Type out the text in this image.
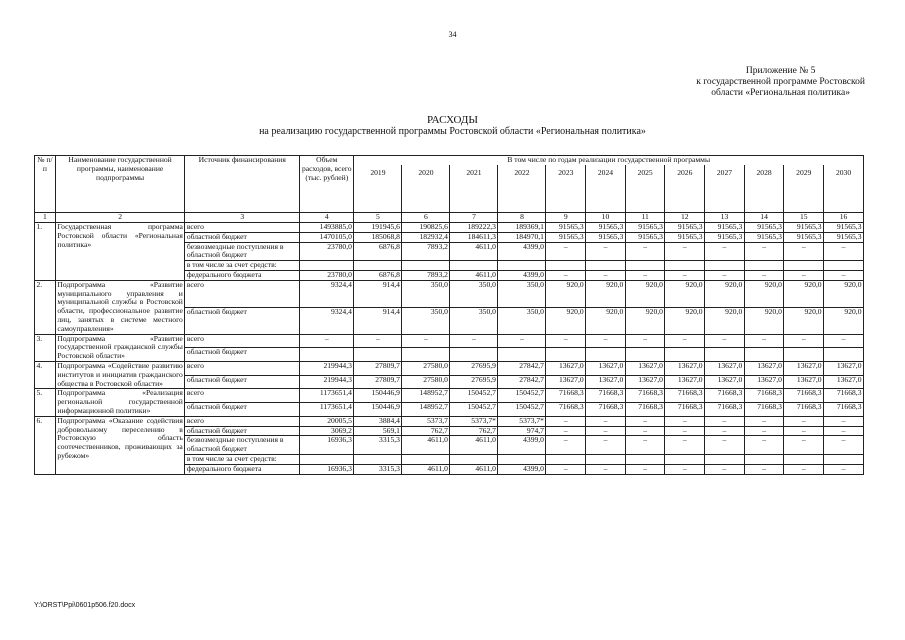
34
Приложение № 5
к государственной программе Ростовской
области «Региональная политика»
РАСХОДЫ
на реализацию государственной программы Ростовской области «Региональная политика»
№ п/п	Наименование государственной программы, наименование подпрограммы	Источник финансирования	Объем расходов, всего (тыс. рублей)	В том числе по годам реализации государственной программы											
				2019	2020	2021	2022	2023	2024	2025	2026	2027	2028	2029	2030
1	2	3	4	5	6	7	8	9	10	11	12	13	14	15	16
1.	Государственная программа Ростовской области «Региональная политика»	всего	1493885,0	191945,6	190825,6	189222,3	189369,1	91565,3	91565,3	91565,3	91565,3	91565,3	91565,3	91565,3	91565,3
		областной бюджет	1470105,0	185068,8	182932,4	184611,3	184970,1	91565,3	91565,3	91565,3	91565,3	91565,3	91565,3	91565,3	91565,3
		безвозмездные поступления в областной бюджет	23780,0	6876,8	7893,2	4611,0	4399,0	–	–	–	–	–	–	–	–
		в том числе за счет средств:													
		федерального бюджета	23780,0	6876,8	7893,2	4611,0	4399,0	–	–	–	–	–	–	–	–
2.	Подпрограмма «Развитие муниципального управления и муниципальной службы в Ростовской области, профессиональное развитие лиц, занятых в системе местного самоуправления»	всего	9324,4	914,4	350,0	350,0	350,0	920,0	920,0	920,0	920,0	920,0	920,0	920,0	920,0
		областной бюджет	9324,4	914,4	350,0	350,0	350,0	920,0	920,0	920,0	920,0	920,0	920,0	920,0	920,0
3.	Подпрограмма «Развитие государственной гражданской службы Ростовской области»	всего	–	–	–	–	–	–	–	–	–	–	–	–	–
		областной бюджет													
4.	Подпрограмма «Содействие развитию институтов и инициатив гражданского общества в Ростовской области»	всего	219944,3	27809,7	27580,0	27695,9	27842,7	13627,0	13627,0	13627,0	13627,0	13627,0	13627,0	13627,0	13627,0
		областной бюджет	219944,3	27809,7	27580,0	27695,9	27842,7	13627,0	13627,0	13627,0	13627,0	13627,0	13627,0	13627,0	13627,0
5.	Подпрограмма «Реализация региональной государственной информационной политики»	всего	1173651,4	150446,9	148952,7	150452,7	150452,7	71668,3	71668,3	71668,3	71668,3	71668,3	71668,3	71668,3	71668,3
		областной бюджет	1173651,4	150446,9	148952,7	150452,7	150452,7	71668,3	71668,3	71668,3	71668,3	71668,3	71668,3	71668,3	71668,3
6.	Подпрограмма «Оказание содействия добровольному переселению в Ростовскую область соотечественников, проживающих за рубежом»	всего	20005,5	3884,4	5373,7	5373,7*	5373,7*	–	–	–	–	–	–	–	–
		областной бюджет	3069,2	569,1	762,7	762,7	974,7	–	–	–	–	–	–	–	–
		безвозмездные поступления в областной бюджет	16936,3	3315,3	4611,0	4611,0	4399,0	–	–	–	–	–	–	–	–
		в том числе за счет средств:													
		федерального бюджета	16936,3	3315,3	4611,0	4611,0	4399,0	–	–	–	–	–	–	–	–
Y:\ORST\Ppi\0601p506.f20.docx
